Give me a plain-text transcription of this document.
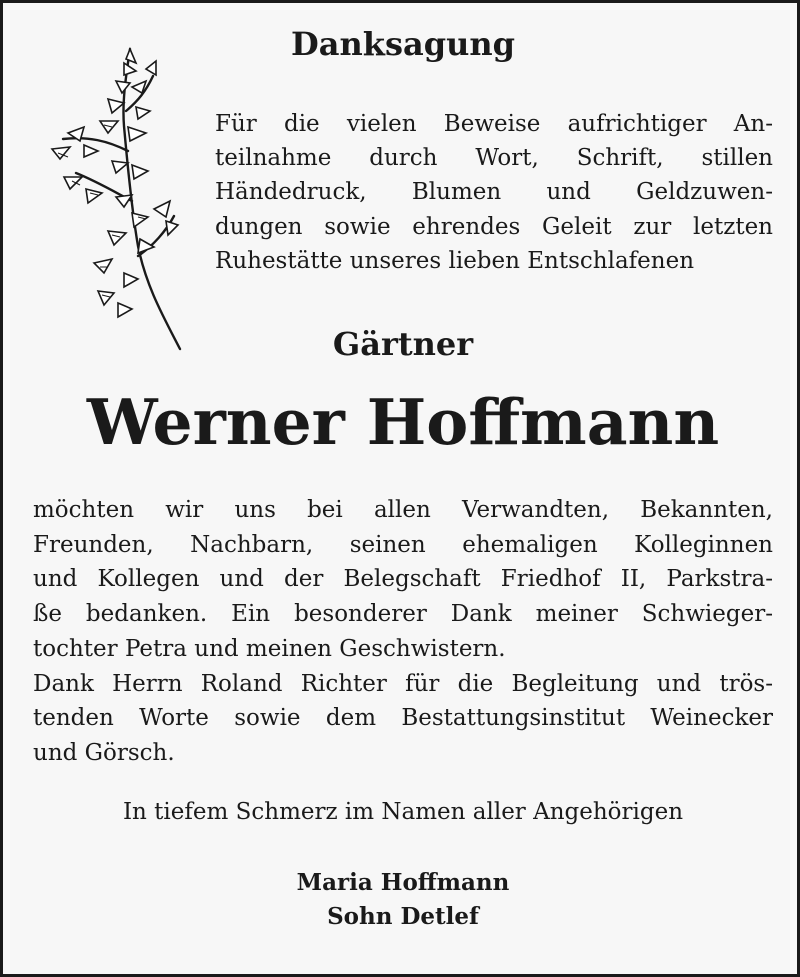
Danksagung
Für die vielen Beweise aufrichtiger An-
teilnahme durch Wort, Schrift, stillen
Händedruck, Blumen und Geldzuwen-
dungen sowie ehrendes Geleit zur letzten
Ruhestätte unseres lieben Entschlafenen
Gärtner
Werner Hoffmann
möchten wir uns bei allen Verwandten, Bekannten,
Freunden, Nachbarn, seinen ehemaligen Kolleginnen
und Kollegen und der Belegschaft Friedhof II, Parkstra-
ße bedanken. Ein besonderer Dank meiner Schwieger-
tochter Petra und meinen Geschwistern.
Dank Herrn Roland Richter für die Begleitung und trös-
tenden Worte sowie dem Bestattungsinstitut Weinecker
und Görsch.
In tiefem Schmerz im Namen aller Angehörigen
Maria Hoffmann
Sohn Detlef
